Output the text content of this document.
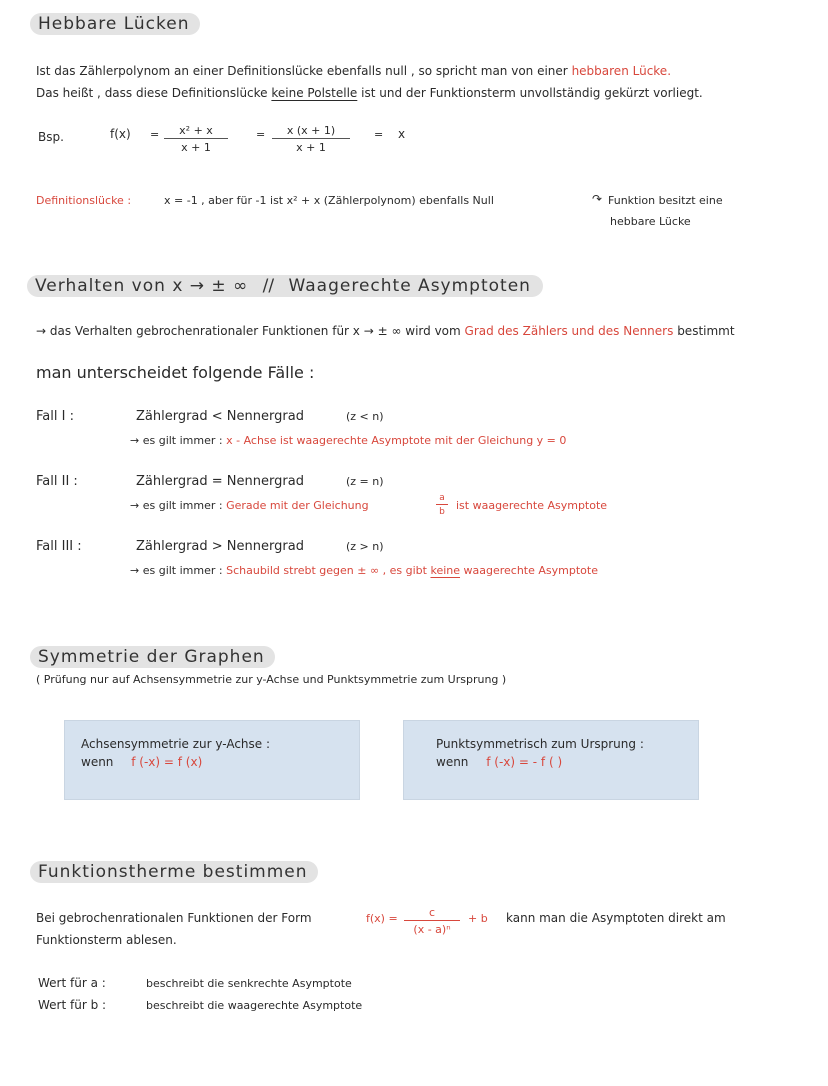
Hebbare Lücken
Ist das Zählerpolynom an einer Definitionslücke ebenfalls null , so spricht man von einer hebbaren Lücke.
Das heißt , dass diese Definitionslücke keine Polstelle ist und der Funktionsterm unvollständig gekürzt vorliegt.
Bsp.	$f(x) = \frac{\text{x² + x}}{x + 1}$	= $\frac{x (x + 1)}{x + 1} = x$
Definitionslücke :	x = -1 , aber für -1 ist x² + x (Zählerpolynom) ebenfalls Null	↷ Funktion besitzt eine
hebbare Lücke
Verhalten von x → ± ∞ // Waagerechte Asymptoten
→ das Verhalten gebrochenrationaler Funktionen für x → ± ∞ wird vom Grad des Zählers und des Nenners bestimmt
man unterscheidet folgende Fälle :
Fall I :	Zählergrad < Nennergrad	(z < n)
→ es gilt immer : x - Achse ist waagerechte Asymptote mit der Gleichung y = 0
Fall II :	Zählergrad = Nennergrad	(z = n)
→ es gilt immer : Gerade mit der Gleichung	$\frac{a}{b}$ ist waagerechte Asymptote
Fall III :	Zählergrad > Nennergrad	(z > n)
→ es gilt immer : Schaubild strebt gegen ± ∞ , es gibt keine waagerechte Asymptote
Symmetrie der Graphen
( Prüfung nur auf Achsensymmetrie zur y-Achse und Punktsymmetrie zum Ursprung )
Achsensymmetrie zur y-Achse :
wenn f (-x) = f (x)
Punktsymmetrisch zum Ursprung :
wenn f (-x) = - f ( )
Funktionstherme bestimmen
Bei gebrochenrationalen Funktionen der Form	$f(x) = \frac{c}{\text{(x - a)ⁿ}} + b$ kann man die Asymptoten direkt am
Funktionsterm ablesen.
Wert für a :	beschreibt die senkrechte Asymptote
Wert für b :	beschreibt die waagerechte Asymptote
